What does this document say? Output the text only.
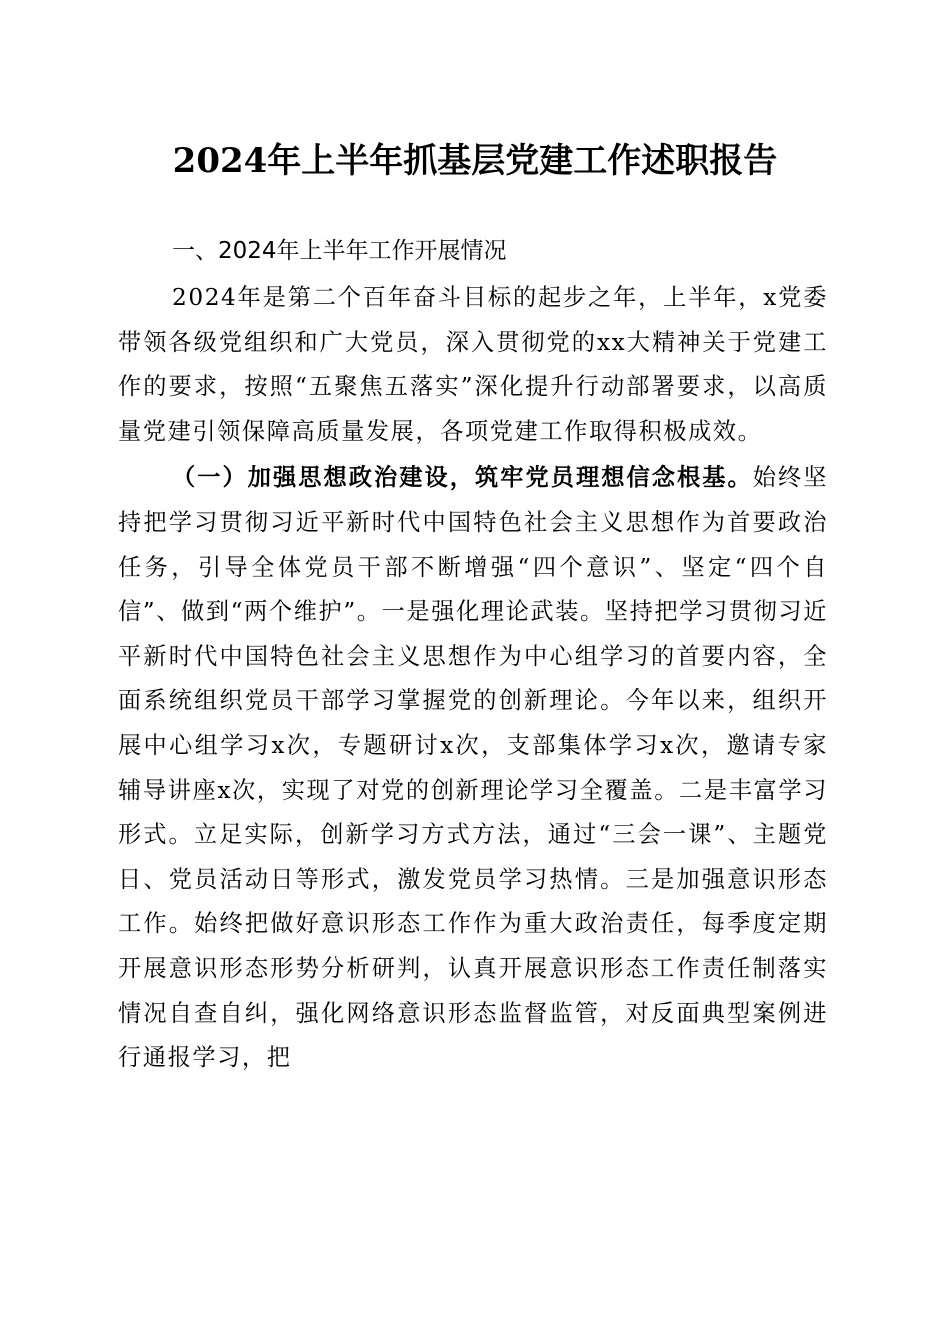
2024年上半年抓基层党建工作述职报告
一、2024年上半年工作开展情况

2024年是第二个百年奋斗目标的起步之年，上半年，x党委带领各级党组织和广大党员，深入贯彻党的xx大精神关于党建工作的要求，按照“五聚焦五落实”深化提升行动部署要求，以高质量党建引领保障高质量发展，各项党建工作取得积极成效。

（一）加强思想政治建设，筑牢党员理想信念根基。始终坚持把学习贯彻习近平新时代中国特色社会主义思想作为首要政治任务，引导全体党员干部不断增强“四个意识”、坚定“四个自信”、做到“两个维护”。一是强化理论武装。坚持把学习贯彻习近平新时代中国特色社会主义思想作为中心组学习的首要内容，全面系统组织党员干部学习掌握党的创新理论。今年以来，组织开展中心组学习x次，专题研讨x次，支部集体学习x次，邀请专家辅导讲座x次，实现了对党的创新理论学习全覆盖。二是丰富学习形式。立足实际，创新学习方式方法，通过“三会一课”、主题党日、党员活动日等形式，激发党员学习热情。三是加强意识形态工作。始终把做好意识形态工作作为重大政治责任，每季度定期开展意识形态形势分析研判，认真开展意识形态工作责任制落实情况自查自纠，强化网络意识形态监督监管，对反面典型案例进行通报学习，把
